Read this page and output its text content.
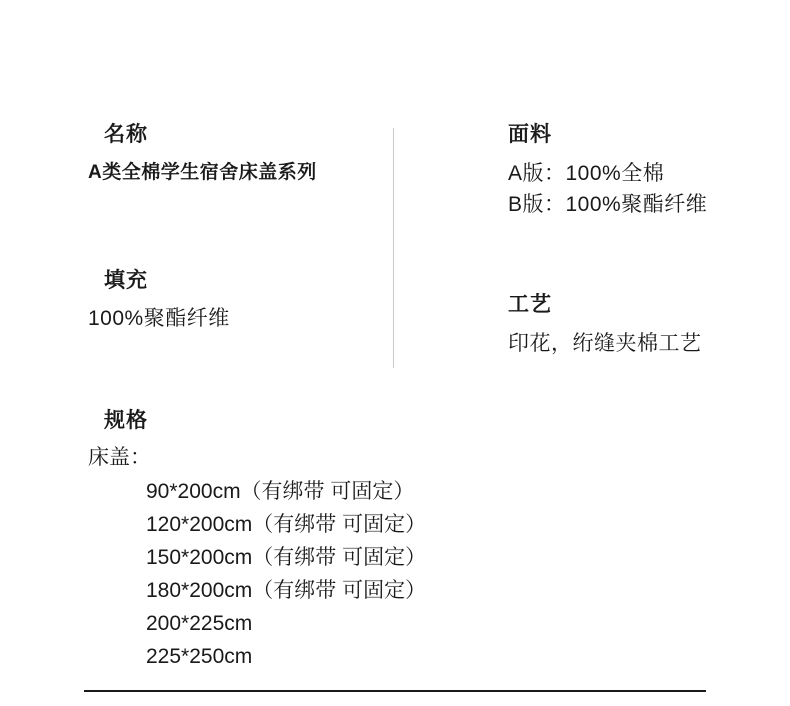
名称

A类全棉学生宿舍床盖系列

填充

100%聚酯纤维

面料

A版：100%全棉
B版：100%聚酯纤维

工艺

印花，绗缝夹棉工艺

规格

床盖：

90*200cm（有绑带 可固定）
120*200cm（有绑带 可固定）
150*200cm（有绑带 可固定）
180*200cm（有绑带 可固定）
200*225cm
225*250cm
